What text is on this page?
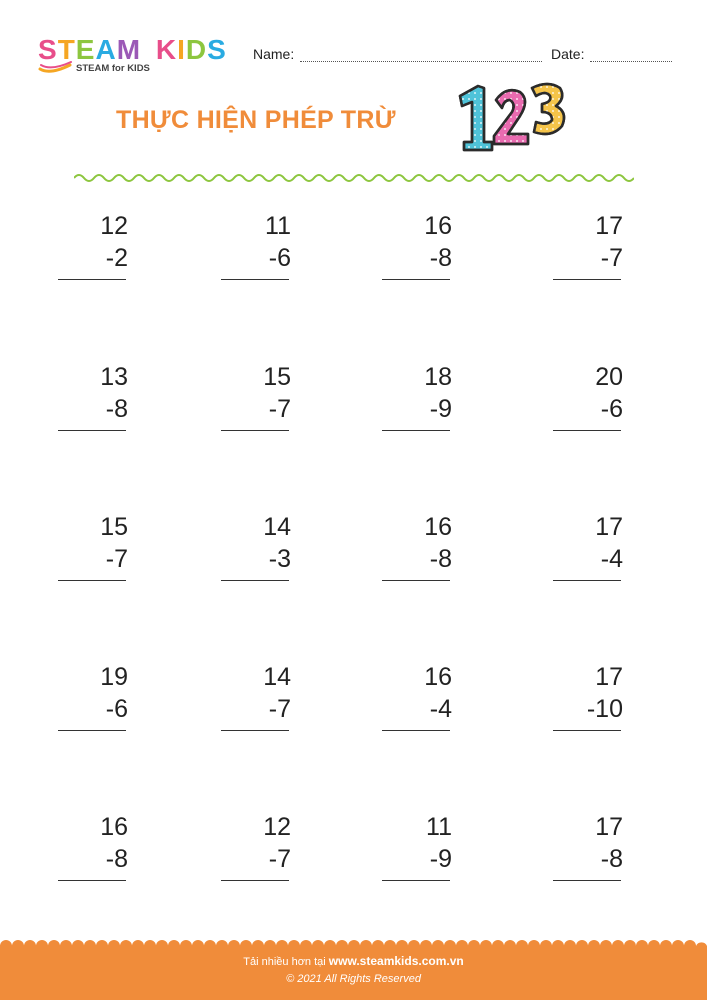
STEAM KIDS
STEAM for KIDS
Name:	Date:
THỰC HIỆN PHÉP TRỪ
12
-2
11
-6
16
-8
17
-7
13
-8
15
-7
18
-9
20
-6
15
-7
14
-3
16
-8
17
-4
19
-6
14
-7
16
-4
17
-10
16
-8
12
-7
11
-9
17
-8
Tải nhiều hơn tại www.steamkids.com.vn
© 2021 All Rights Reserved
